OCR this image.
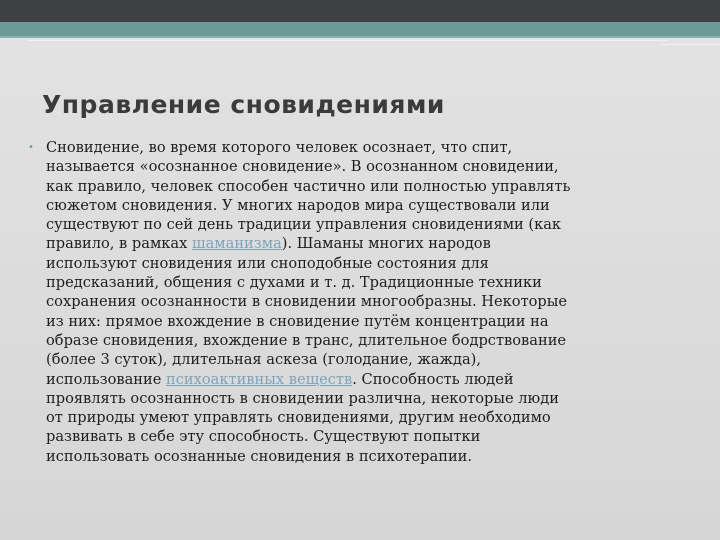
Управление сновидениями
• Сновидение, во время которого человек осознает, что спит,
называется «осознанное сновидение». В осознанном сновидении,
как правило, человек способен частично или полностью управлять
сюжетом сновидения. У многих народов мира существовали или
существуют по сей день традиции управления сновидениями (как
правило, в рамках шаманизма). Шаманы многих народов
используют сновидения или сноподобные состояния для
предсказаний, общения с духами и т. д. Традиционные техники
сохранения осознанности в сновидении многообразны. Некоторые
из них: прямое вхождение в сновидение путём концентрации на
образе сновидения, вхождение в транс, длительное бодрствование
(более 3 суток), длительная аскеза (голодание, жажда),
использование психоактивных веществ. Способность людей
проявлять осознанность в сновидении различна, некоторые люди
от природы умеют управлять сновидениями, другим необходимо
развивать в себе эту способность. Существуют попытки
использовать осознанные сновидения в психотерапии.
